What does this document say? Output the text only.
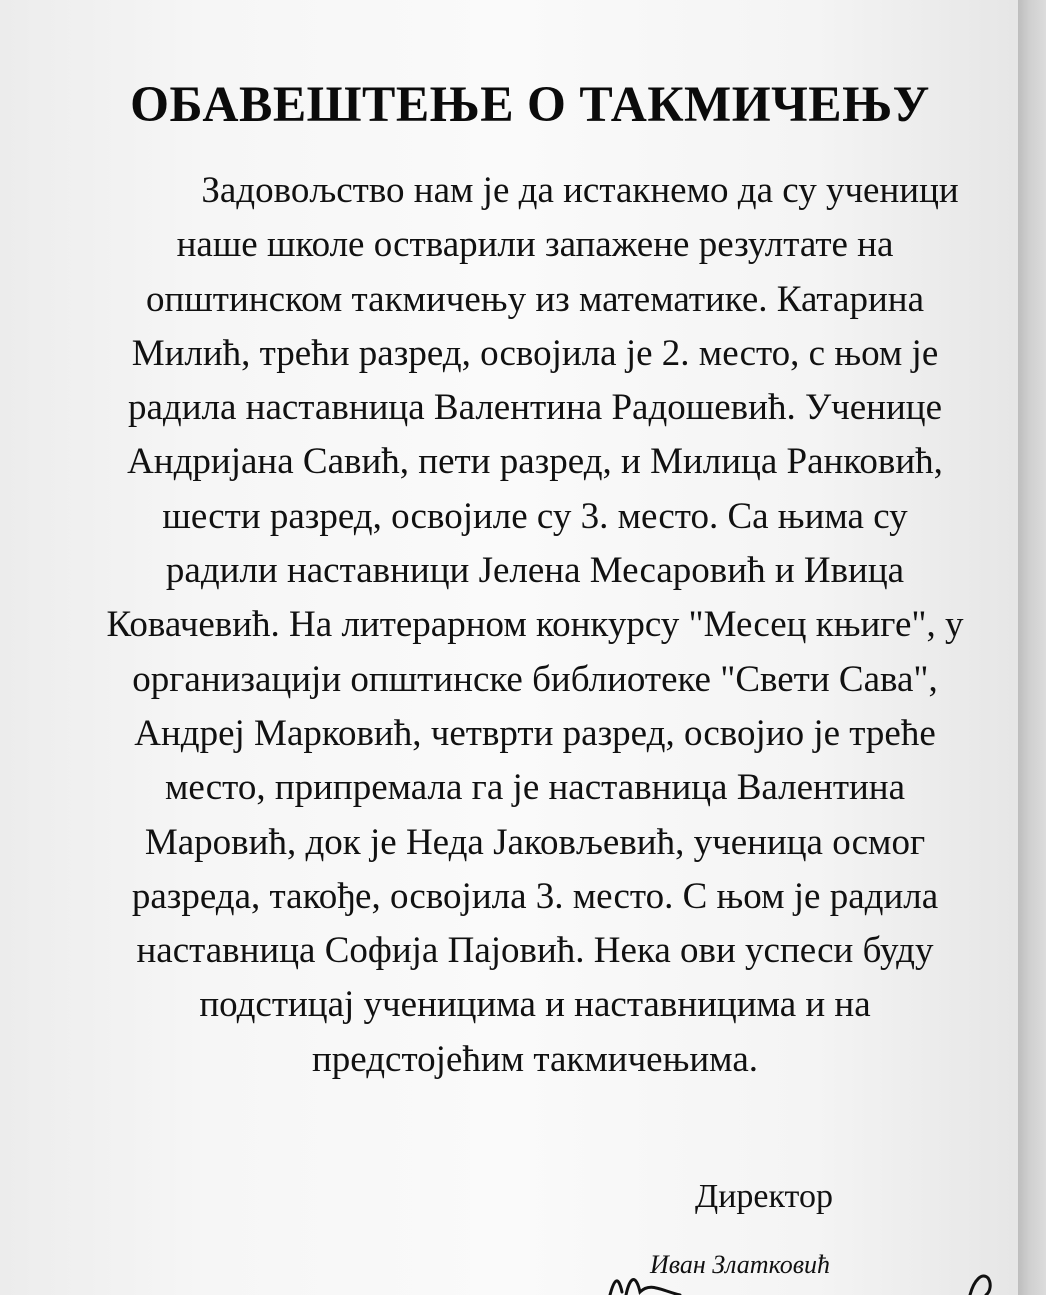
ОБАВЕШТЕЊЕ О ТАКМИЧЕЊУ
Задовољство нам је да истакнемо да су ученици
наше школе остварили запажене резултате на
општинском такмичењу из математике. Катарина
Милић, трећи разред, освојила је 2. место, с њом је
радила наставница Валентина Радошевић. Ученице
Андријана Савић, пети разред, и Милица Ранковић,
шести разред, освојиле су 3. место. Са њима су
радили наставници Јелена Месаровић и Ивица
Ковачевић. На литерарном конкурсу "Месец књиге", у
организацији општинске библиотеке "Свети Сава",
Андреј Марковић, четврти разред, освојио је треће
место, припремала га је наставница Валентина
Маровић, док је Неда Јаковљевић, ученица осмог
разреда, такође, освојила 3. место. С њом је радила
наставница Софија Пајовић. Нека ови успеси буду
подстицај ученицима и наставницима и на
предстојећим такмичењима.
Директор
Иван Златковић
